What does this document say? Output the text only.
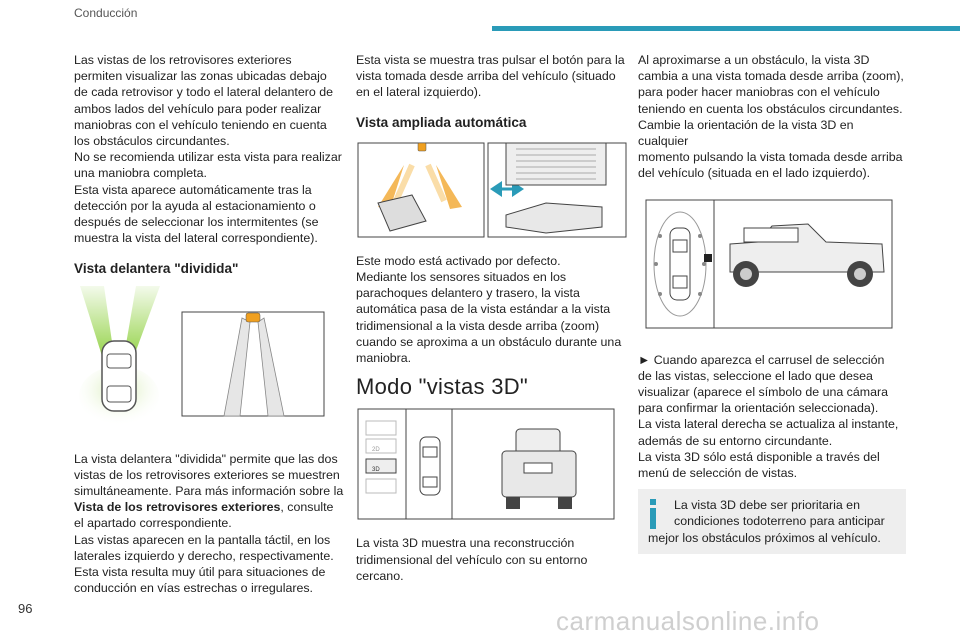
Conducción

Las vistas de los retrovisores exteriores

permiten visualizar las zonas ubicadas debajo

de cada retrovisor y todo el lateral delantero de

ambos lados del vehículo para poder realizar

maniobras con el vehículo teniendo en cuenta

los obstáculos circundantes.

No se recomienda utilizar esta vista para realizar

una maniobra completa.

Esta vista aparece automáticamente tras la

detección por la ayuda al estacionamiento o

después de seleccionar los intermitentes (se

muestra la vista del lateral correspondiente).

Vista delantera "dividida"

La vista delantera "dividida" permite que las dos

vistas de los retrovisores exteriores se muestren

simultáneamente. Para más información sobre la

Vista de los retrovisores exteriores, consulte

el apartado correspondiente.

Las vistas aparecen en la pantalla táctil, en los

laterales izquierdo y derecho, respectivamente.

Esta vista resulta muy útil para situaciones de

conducción en vías estrechas o irregulares.

Esta vista se muestra tras pulsar el botón para la

vista tomada desde arriba del vehículo (situado

en el lateral izquierdo).

Vista ampliada automática

Este modo está activado por defecto.

Mediante los sensores situados en los

parachoques delantero y trasero, la vista

automática pasa de la vista estándar a la vista

tridimensional a la vista desde arriba (zoom)

cuando se aproxima a un obstáculo durante una

maniobra.

Modo "vistas 3D"

2D
3D

La vista 3D muestra una reconstrucción

tridimensional del vehículo con su entorno

cercano.

Al aproximarse a un obstáculo, la vista 3D

cambia a una vista tomada desde arriba (zoom),

para poder hacer maniobras con el vehículo

teniendo en cuenta los obstáculos circundantes.

Cambie la orientación de la vista 3D en cualquier

momento pulsando la vista tomada desde arriba

del vehículo (situada en el lado izquierdo).

► Cuando aparezca el carrusel de selección

de las vistas, seleccione el lado que desea

visualizar (aparece el símbolo de una cámara

para confirmar la orientación seleccionada).

La vista lateral derecha se actualiza al instante,

además de su entorno circundante.

La vista 3D sólo está disponible a través del

menú de selección de vistas.

La vista 3D debe ser prioritaria en

condiciones todoterreno para anticipar

mejor los obstáculos próximos al vehículo.

96	carmanualsonline.info
